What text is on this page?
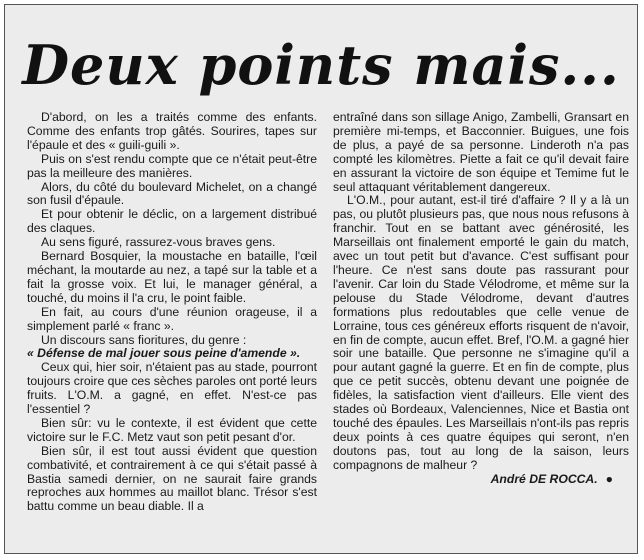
Deux points mais...

D'abord, on les a traités comme des enfants. Comme des enfants trop gâtés. Sourires, tapes sur l'épaule et des « guili-guili ».

Puis on s'est rendu compte que ce n'était peut-être pas la meilleure des manières.

Alors, du côté du boulevard Michelet, on a changé son fusil d'épaule.

Et pour obtenir le déclic, on a largement distribué des claques.

Au sens figuré, rassurez-vous braves gens.

Bernard Bosquier, la moustache en bataille, l'œil méchant, la moutarde au nez, a tapé sur la table et a fait la grosse voix. Et lui, le manager général, a touché, du moins il l'a cru, le point faible.

En fait, au cours d'une réunion orageuse, il a simplement parlé « franc ».

Un discours sans fioritures, du genre :

« Défense de mal jouer sous peine d'amende ».

Ceux qui, hier soir, n'étaient pas au stade, pourront toujours croire que ces sèches paroles ont porté leurs fruits. L'O.M. a gagné, en effet. N'est-ce pas l'essentiel ?

Bien sûr: vu le contexte, il est évident que cette victoire sur le F.C. Metz vaut son petit pesant d'or.

Bien sûr, il est tout aussi évident que question combativité, et contrairement à ce qui s'était passé à Bastia samedi dernier, on ne saurait faire grands reproches aux hommes au maillot blanc. Trésor s'est battu comme un beau diable. Il a

entraîné dans son sillage Anigo, Zambelli, Gransart en première mi-temps, et Bacconnier. Buigues, une fois de plus, a payé de sa personne. Linderoth n'a pas compté les kilomètres. Piette a fait ce qu'il devait faire en assurant la victoire de son équipe et Temime fut le seul attaquant véritablement dangereux.

L'O.M., pour autant, est-il tiré d'affaire ? Il y a là un pas, ou plutôt plusieurs pas, que nous nous refusons à franchir. Tout en se battant avec générosité, les Marseillais ont finalement emporté le gain du match, avec un tout petit but d'avance. C'est suffisant pour l'heure. Ce n'est sans doute pas rassurant pour l'avenir. Car loin du Stade Vélodrome, et même sur la pelouse du Stade Vélodrome, devant d'autres formations plus redoutables que celle venue de Lorraine, tous ces généreux efforts risquent de n'avoir, en fin de compte, aucun effet. Bref, l'O.M. a gagné hier soir une bataille. Que personne ne s'imagine qu'il a pour autant gagné la guerre. Et en fin de compte, plus que ce petit succès, obtenu devant une poignée de fidèles, la satisfaction vient d'ailleurs. Elle vient des stades où Bordeaux, Valenciennes, Nice et Bastia ont touché des épaules. Les Marseillais n'ont-ils pas repris deux points à ces quatre équipes qui seront, n'en doutons pas, tout au long de la saison, leurs compagnons de malheur ?

André DE ROCCA. ●
